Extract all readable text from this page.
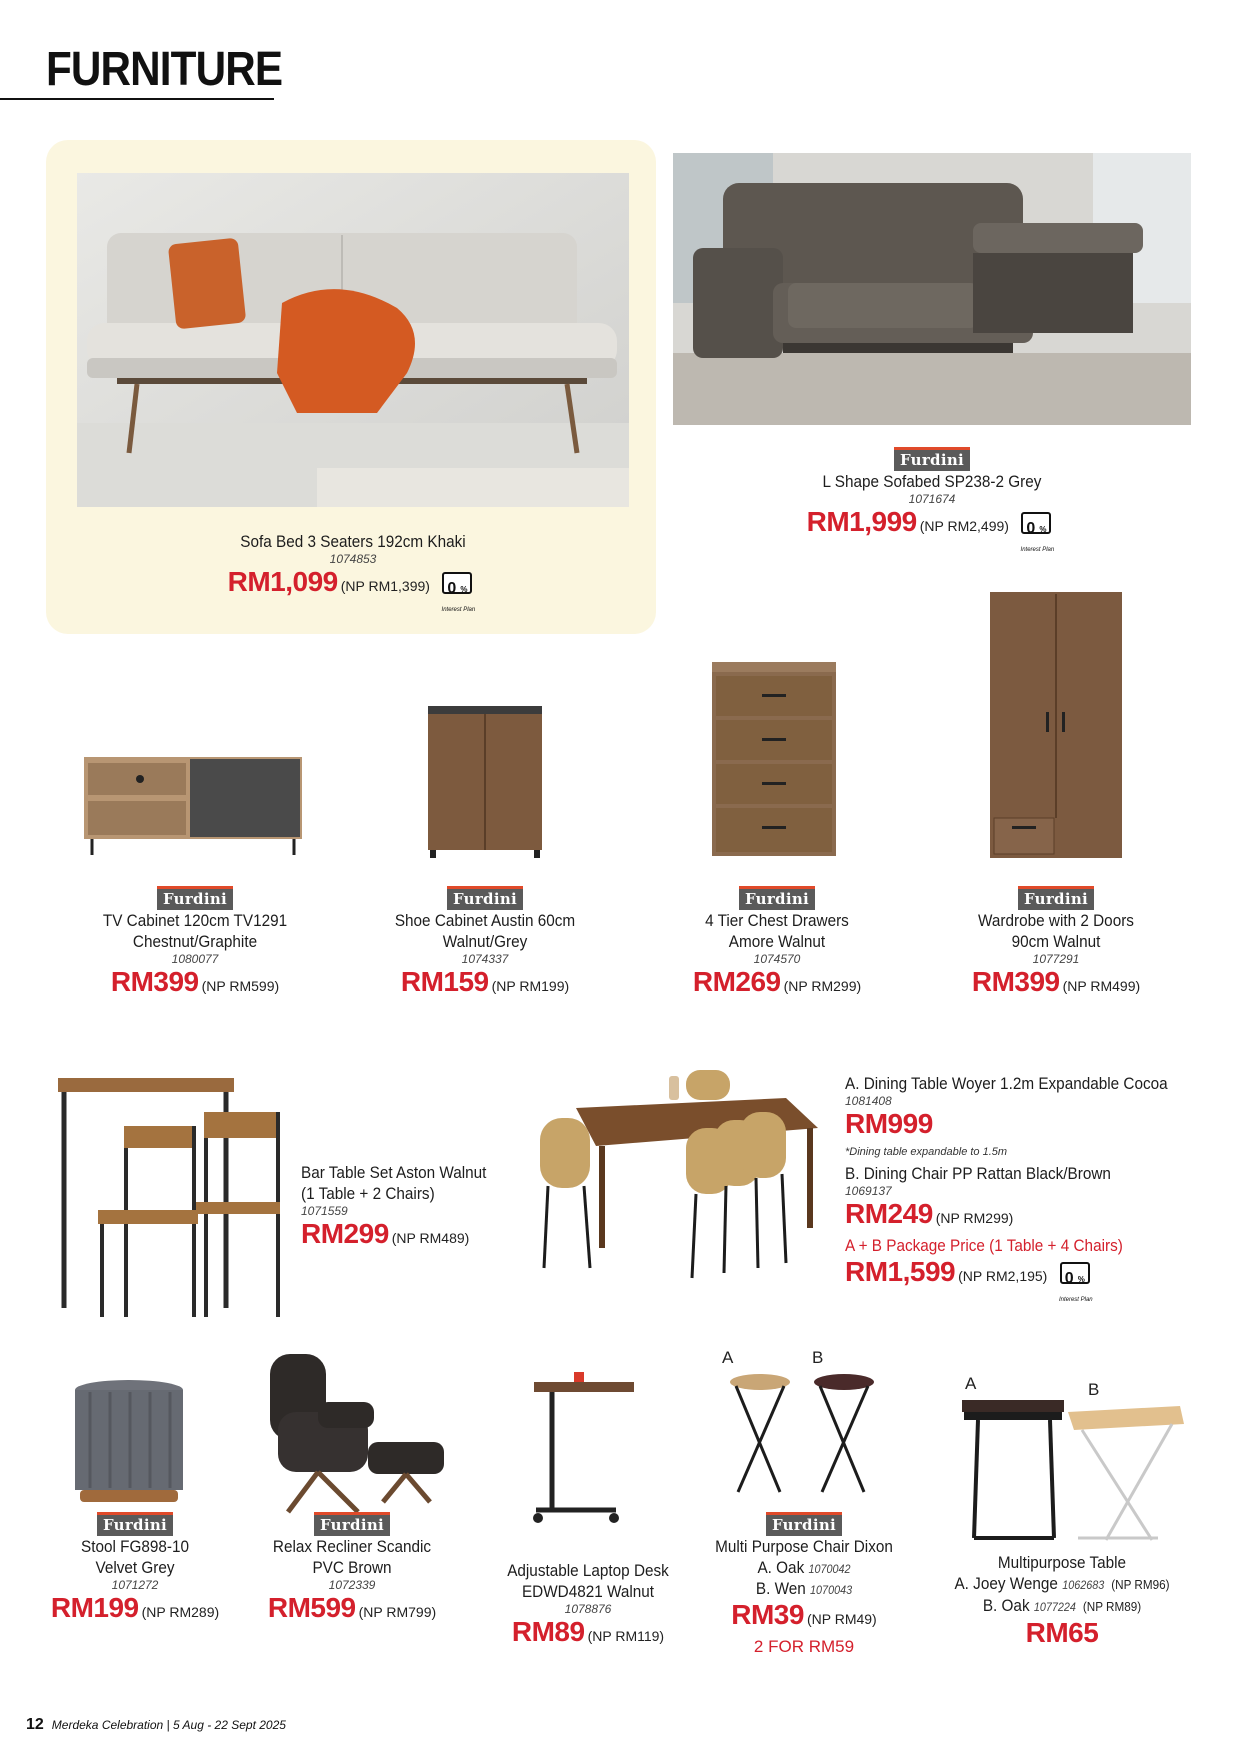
FURNITURE
Sofa Bed 3 Seaters 192cm Khaki
1074853
RM1,099 (NP RM1,399) 0 %
Interest Plan
Furdini
L Shape Sofabed SP238-2 Grey
1071674
RM1,999 (NP RM2,499) 0 %
Interest Plan
Furdini
TV Cabinet 120cm TV1291
Chestnut/Graphite
1080077
RM399 (NP RM599)
Furdini
Shoe Cabinet Austin 60cm
Walnut/Grey
1074337
RM159 (NP RM199)
Furdini
4 Tier Chest Drawers
Amore Walnut
1074570
RM269 (NP RM299)
Furdini
Wardrobe with 2 Doors
90cm Walnut
1077291
RM399 (NP RM499)
Bar Table Set Aston Walnut
(1 Table + 2 Chairs)
1071559
RM299 (NP RM489)
A. Dining Table Woyer 1.2m Expandable Cocoa
1081408
RM999
*Dining table expandable to 1.5m
B. Dining Chair PP Rattan Black/Brown
1069137
RM249 (NP RM299)
A + B Package Price (1 Table + 4 Chairs)
RM1,599 (NP RM2,195) 0 %
Interest Plan
Furdini
Stool FG898-10
Velvet Grey
1071272
RM199 (NP RM289)
Furdini
Relax Recliner Scandic
PVC Brown
1072339
RM599 (NP RM799)
Adjustable Laptop Desk
EDWD4821 Walnut
1078876
RM89 (NP RM119)
A	B
Furdini
Multi Purpose Chair Dixon
A. Oak 1070042
B. Wen 1070043
RM39 (NP RM49)
2 FOR RM59
A	B
Multipurpose Table
A. Joey Wenge 1062683 (NP RM96)
B. Oak 1077224 (NP RM89)
RM65
12 Merdeka Celebration | 5 Aug - 22 Sept 2025
